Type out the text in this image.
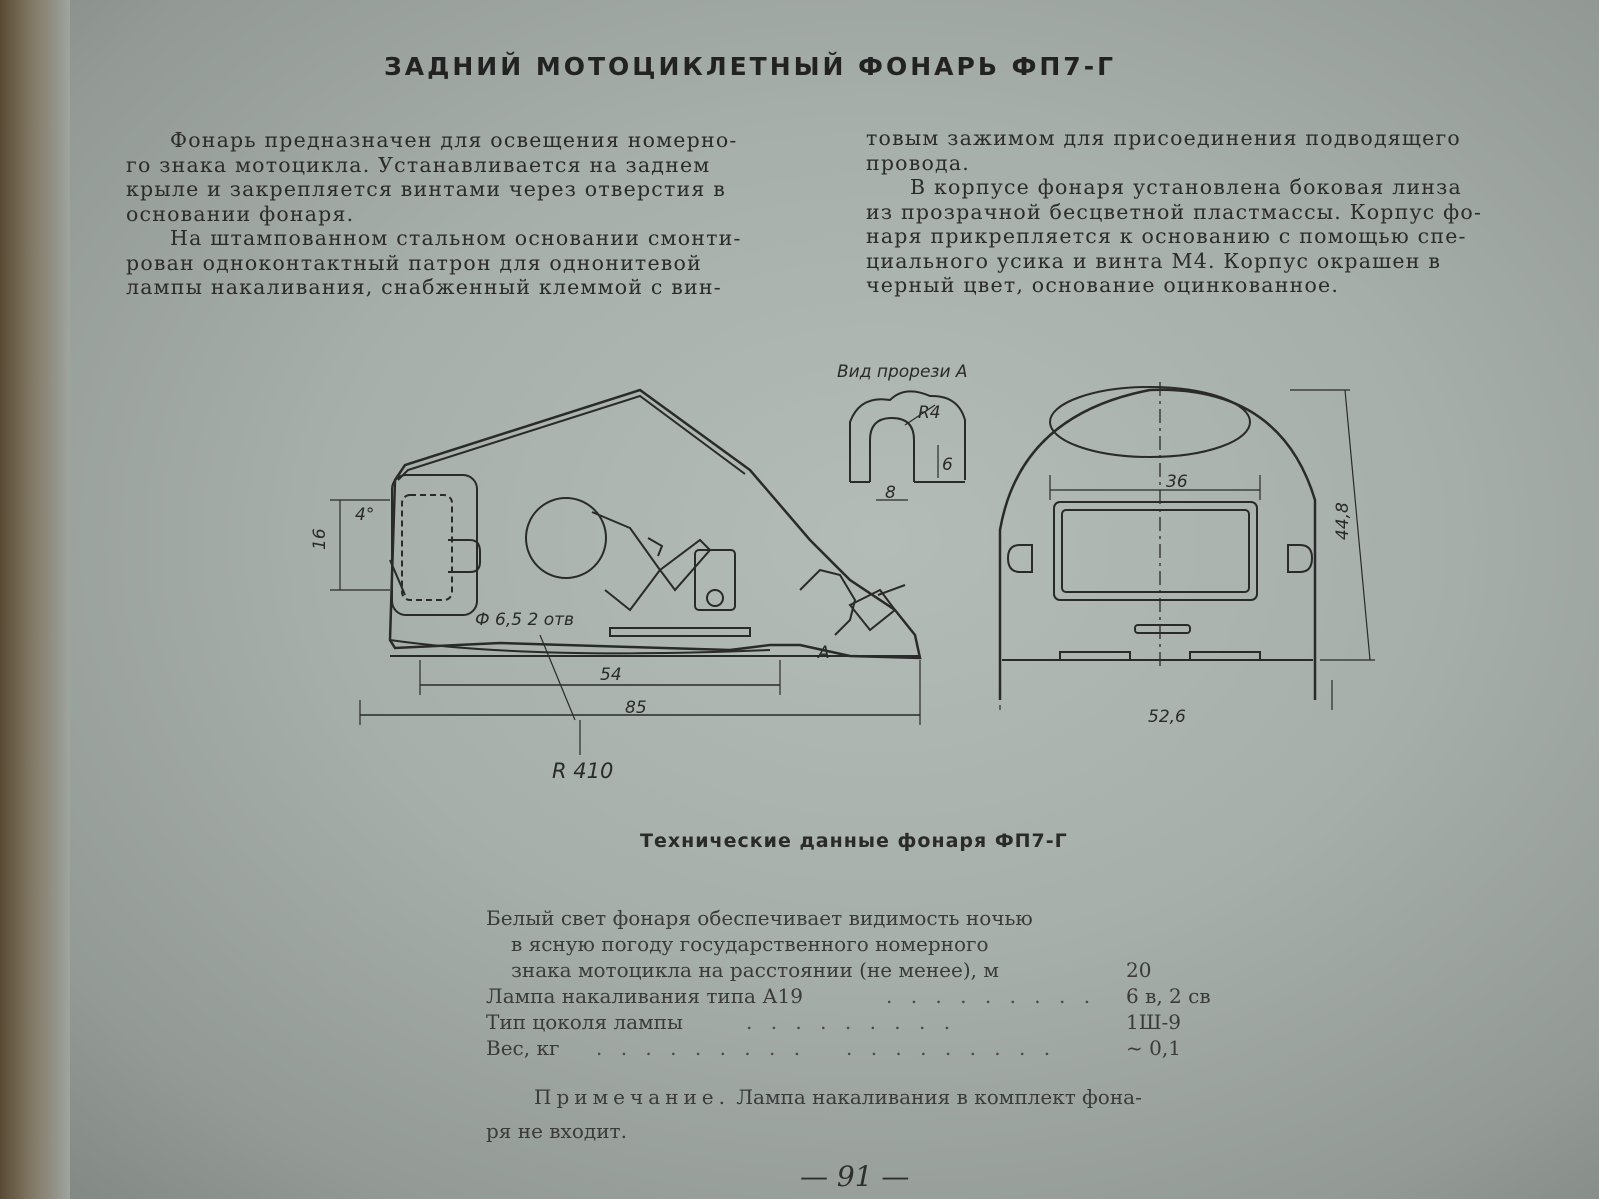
ЗАДНИЙ МОТОЦИКЛЕТНЫЙ ФОНАРЬ ФП7-Г

Фонарь предназначен для освещения номерно-

го знака мотоцикла. Устанавливается на заднем

крыле и закрепляется винтами через отверстия в

основании фонаря.

На штампованном стальном основании смонти-

рован одноконтактный патрон для однонитевой

лампы накаливания, снабженный клеммой с вин-

товым зажимом для присоединения подводящего

провода.

В корпусе фонаря установлена боковая линза

из прозрачной бесцветной пластмассы. Корпус фо-

наря прикрепляется к основанию с помощью спе-

циального усика и винта М4. Корпус окрашен в

черный цвет, основание оцинкованное.

Вид прорези А
4°
16
Ф 6,5 2 отв
54
85
R 410
A
R4
6
8
36
44,8
52,6
Технические данные фонаря ФП7-Г
Белый свет фонаря обеспечивает видимость ночью
в ясную погоду государственного номерного
знака мотоцикла на расстоянии (не менее), м	20
Лампа накаливания типа А19	. . . . . . . . . 6 в, 2 св
Тип цоколя лампы	. . . . . . . . .	1Ш-9
Вес, кг . . . . . . . . . . . . . . . . . .	~ 0,1
Примечание. Лампа накаливания в комплект фона-
ря не входит.
— 91 —
